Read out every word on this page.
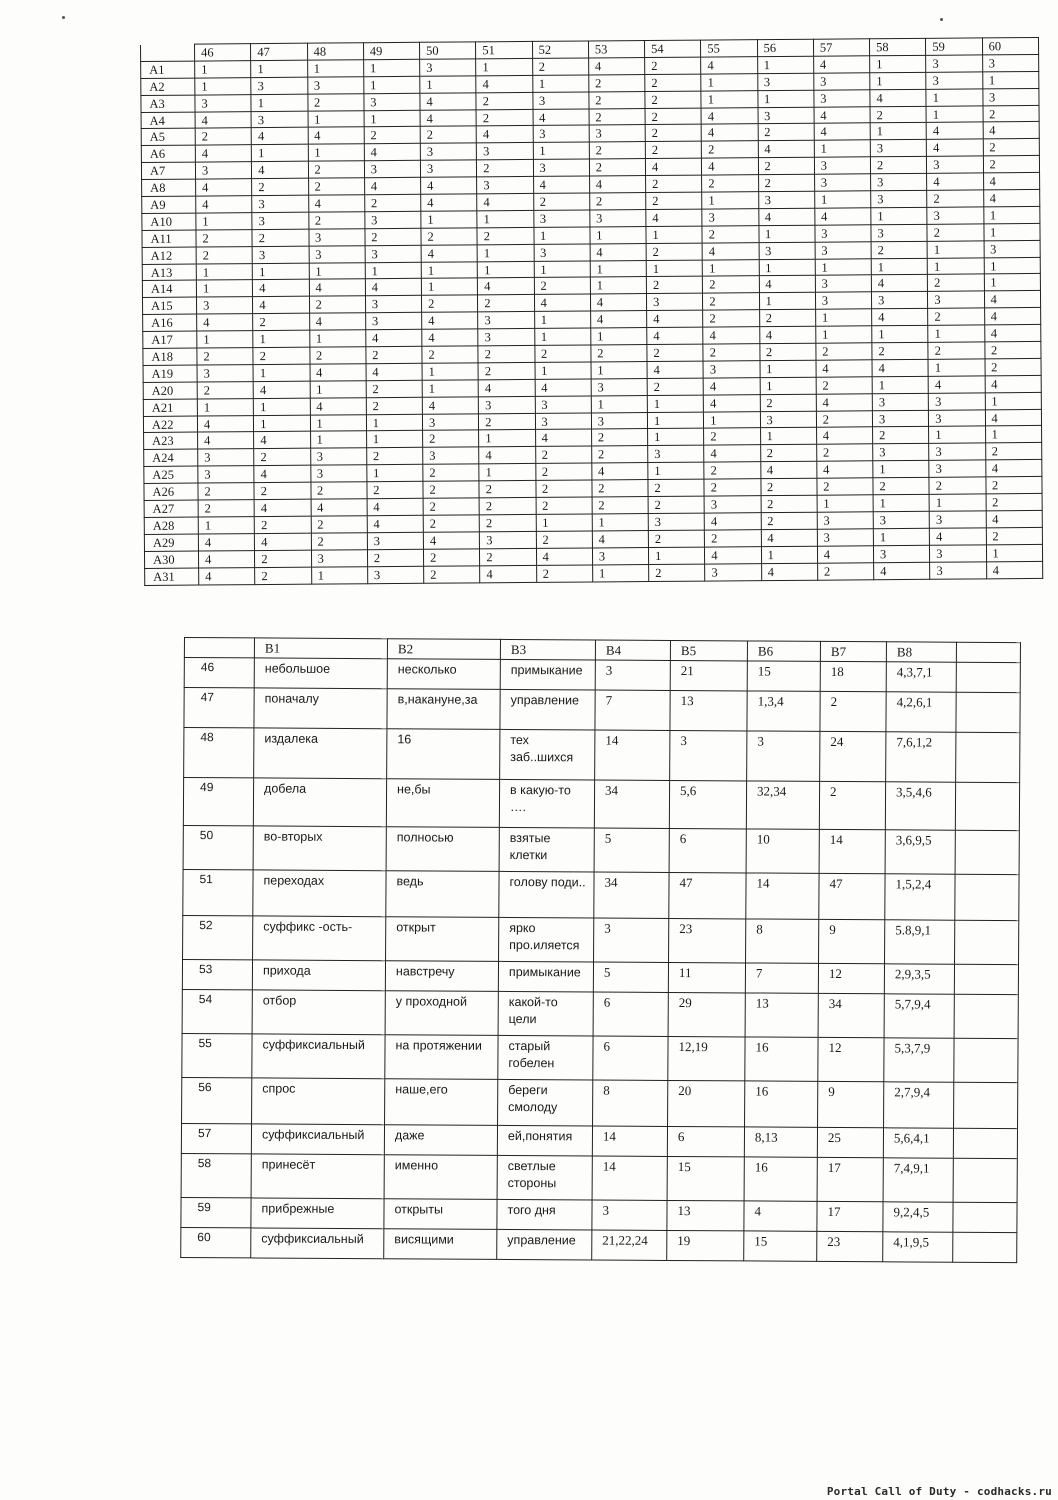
	46	47	48	49	50	51	52	53	54	55	56	57	58	59	60
A1	1	1	1	1	3	1	2	4	2	4	1	4	1	3	3
A2	1	3	3	1	1	4	1	2	2	1	3	3	1	3	1
A3	3	1	2	3	4	2	3	2	2	1	1	3	4	1	3
A4	4	3	1	1	4	2	4	2	2	4	3	4	2	1	2
A5	2	4	4	2	2	4	3	3	2	4	2	4	1	4	4
A6	4	1	1	4	3	3	1	2	2	2	4	1	3	4	2
A7	3	4	2	3	3	2	3	2	4	4	2	3	2	3	2
A8	4	2	2	4	4	3	4	4	2	2	2	3	3	4	4
A9	4	3	4	2	4	4	2	2	2	1	3	1	3	2	4
A10	1	3	2	3	1	1	3	3	4	3	4	4	1	3	1
A11	2	2	3	2	2	2	1	1	1	2	1	3	3	2	1
A12	2	3	3	3	4	1	3	4	2	4	3	3	2	1	3
A13	1	1	1	1	1	1	1	1	1	1	1	1	1	1	1
A14	1	4	4	4	1	4	2	1	2	2	4	3	4	2	1
A15	3	4	2	3	2	2	4	4	3	2	1	3	3	3	4
A16	4	2	4	3	4	3	1	4	4	2	2	1	4	2	4
A17	1	1	1	4	4	3	1	1	4	4	4	1	1	1	4
A18	2	2	2	2	2	2	2	2	2	2	2	2	2	2	2
A19	3	1	4	4	1	2	1	1	4	3	1	4	4	1	2
A20	2	4	1	2	1	4	4	3	2	4	1	2	1	4	4
A21	1	1	4	2	4	3	3	1	1	4	2	4	3	3	1
A22	4	1	1	1	3	2	3	3	1	1	3	2	3	3	4
A23	4	4	1	1	2	1	4	2	1	2	1	4	2	1	1
A24	3	2	3	2	3	4	2	2	3	4	2	2	3	3	2
A25	3	4	3	1	2	1	2	4	1	2	4	4	1	3	4
A26	2	2	2	2	2	2	2	2	2	2	2	2	2	2	2
A27	2	4	4	4	2	2	2	2	2	3	2	1	1	1	2
A28	1	2	2	4	2	2	1	1	3	4	2	3	3	3	4
A29	4	4	2	3	4	3	2	4	2	2	4	3	1	4	2
A30	4	2	3	2	2	2	4	3	1	4	1	4	3	3	1
A31	4	2	1	3	2	4	2	1	2	3	4	2	4	3	4
	B1	B2	B3	B4	B5	B6	B7	B8	
46	небольшое	несколько	примыкание	3	21	15	18	4,3,7,1	
47	поначалу	в,накануне,за	управление	7	13	1,3,4	2	4,2,6,1	
48	издалека	16	тех заб..шихся	14	3	3	24	7,6,1,2	
49	добела	не,бы	в какую-то ….	34	5,6	32,34	2	3,5,4,6	
50	во-вторых	полносью	взятые клетки	5	6	10	14	3,6,9,5	
51	переходах	ведь	голову поди..	34	47	14	47	1,5,2,4	
52	суффикс -ость-	открыт	ярко про.иляется	3	23	8	9	5.8,9,1	
53	прихода	навстречу	примыкание	5	11	7	12	2,9,3,5	
54	отбор	у проходной	какой-то цели	6	29	13	34	5,7,9,4	
55	суффиксиальный	на протяжении	старый гобелен	6	12,19	16	12	5,3,7,9	
56	спрос	наше,его	береги смолоду	8	20	16	9	2,7,9,4	
57	суффиксиальный	даже	ей,понятия	14	6	8,13	25	5,6,4,1	
58	принесёт	именно	светлые стороны	14	15	16	17	7,4,9,1	
59	прибрежные	открыты	того дня	3	13	4	17	9,2,4,5	
60	суффиксиальный	висящими	управление	21,22,24	19	15	23	4,1,9,5	
Portal Call of Duty - codhacks.ru
